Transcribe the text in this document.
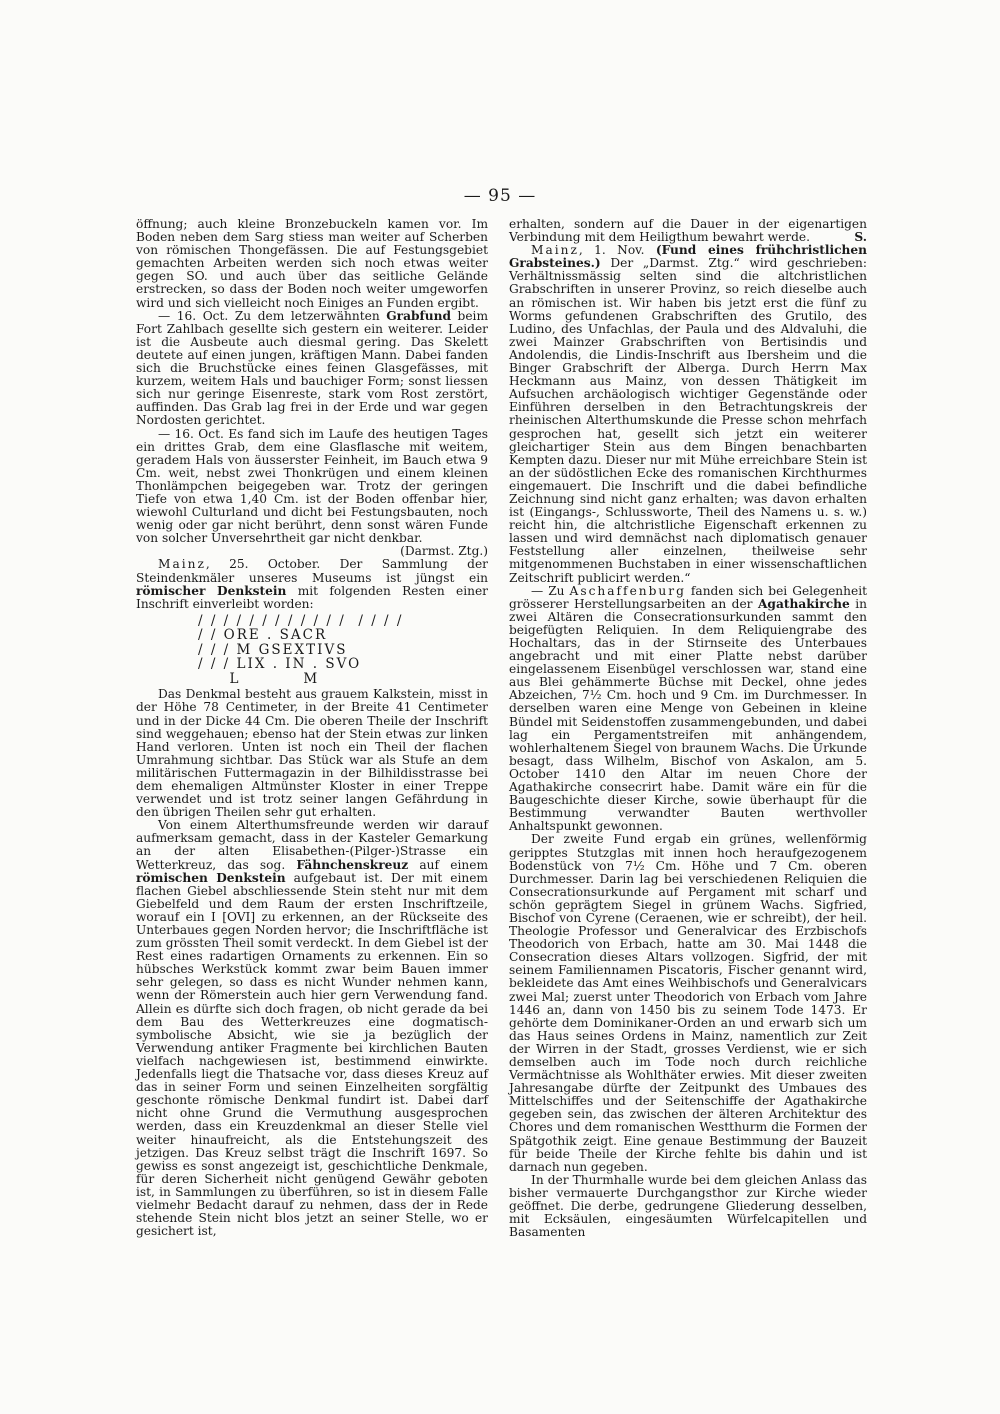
— 95 —

öffnung; auch kleine Bronzebuckeln kamen vor. Im Boden neben dem Sarg stiess man weiter auf Scherben von römischen Thongefässen. Die auf Festungsgebiet gemachten Arbeiten werden sich noch etwas weiter gegen SO. und auch über das seitliche Gelände erstrecken, so dass der Boden noch weiter umgeworfen wird und sich vielleicht noch Einiges an Funden ergibt.

— 16. Oct. Zu dem letzerwähnten Grabfund beim Fort Zahlbach gesellte sich gestern ein weiterer. Leider ist die Ausbeute auch diesmal gering. Das Skelett deutete auf einen jungen, kräftigen Mann. Dabei fanden sich die Bruchstücke eines feinen Glasgefässes, mit kurzem, weitem Hals und bauchiger Form; sonst liessen sich nur geringe Eisenreste, stark vom Rost zerstört, auffinden. Das Grab lag frei in der Erde und war gegen Nordosten gerichtet.

— 16. Oct. Es fand sich im Laufe des heutigen Tages ein drittes Grab, dem eine Glasflasche mit weitem, geradem Hals von äusserster Feinheit, im Bauch etwa 9 Cm. weit, nebst zwei Thonkrügen und einem kleinen Thonlämpchen beigegeben war. Trotz der geringen Tiefe von etwa 1,40 Cm. ist der Boden offenbar hier, wiewohl Culturland und dicht bei Festungsbauten, noch wenig oder gar nicht berührt, denn sonst wären Funde von solcher Unversehrtheit gar nicht denkbar.

(Darmst. Ztg.)

Mainz, 25. October. Der Sammlung der Steindenkmäler unseres Museums ist jüngst ein römischer Denkstein mit folgenden Resten einer Inschrift einverleibt worden:

/ / / / / / / / / / / /  / / / /
/ / ORE . SACR
/ / / M GSEXTIVS
/ / / LIX . IN . SVO
L          M

Das Denkmal besteht aus grauem Kalkstein, misst in der Höhe 78 Centimeter, in der Breite 41 Centimeter und in der Dicke 44 Cm. Die oberen Theile der Inschrift sind weggehauen; ebenso hat der Stein etwas zur linken Hand verloren. Unten ist noch ein Theil der flachen Umrahmung sichtbar. Das Stück war als Stufe an dem militärischen Futtermagazin in der Bilhildisstrasse bei dem ehemaligen Altmünster Kloster in einer Treppe verwendet und ist trotz seiner langen Gefährdung in den übrigen Theilen sehr gut erhalten.

Von einem Alterthumsfreunde werden wir darauf aufmerksam gemacht, dass in der Kasteler Gemarkung an der alten Elisabethen-(Pilger-)Strasse ein Wetterkreuz, das sog. Fähnchenskreuz auf einem römischen Denkstein aufgebaut ist. Der mit einem flachen Giebel abschliessende Stein steht nur mit dem Giebelfeld und dem Raum der ersten Inschriftzeile, worauf ein I [OVI] zu erkennen, an der Rückseite des Unterbaues gegen Norden hervor; die Inschriftfläche ist zum grössten Theil somit verdeckt. In dem Giebel ist der Rest eines radartigen Ornaments zu erkennen. Ein so hübsches Werkstück kommt zwar beim Bauen immer sehr gelegen, so dass es nicht Wunder nehmen kann, wenn der Römerstein auch hier gern Verwendung fand. Allein es dürfte sich doch fragen, ob nicht gerade da bei dem Bau des Wetterkreuzes eine dogmatisch-symbolische Absicht, wie sie ja bezüglich der Verwendung antiker Fragmente bei kirchlichen Bauten vielfach nachgewiesen ist, bestimmend einwirkte. Jedenfalls liegt die Thatsache vor, dass dieses Kreuz auf das in seiner Form und seinen Einzelheiten sorgfältig geschonte römische Denkmal fundirt ist. Dabei darf nicht ohne Grund die Vermuthung ausgesprochen werden, dass ein Kreuzdenkmal an dieser Stelle viel weiter hinaufreicht, als die Entstehungszeit des jetzigen. Das Kreuz selbst trägt die Inschrift 1697. So gewiss es sonst angezeigt ist, geschichtliche Denkmale, für deren Sicherheit nicht genügend Gewähr geboten ist, in Sammlungen zu überführen, so ist in diesem Falle vielmehr Bedacht darauf zu nehmen, dass der in Rede stehende Stein nicht blos jetzt an seiner Stelle, wo er gesichert ist,

erhalten, sondern auf die Dauer in der eigenartigen Verbindung mit dem Heiligthum bewahrt werde.	S.

Mainz, 1. Nov. (Fund eines frühchristlichen Grabsteines.) Der „Darmst. Ztg.“ wird geschrieben: Verhältnissmässig selten sind die altchristlichen Grabschriften in unserer Provinz, so reich dieselbe auch an römischen ist. Wir haben bis jetzt erst die fünf zu Worms gefundenen Grabschriften des Grutilo, des Ludino, des Unfachlas, der Paula und des Aldvaluhi, die zwei Mainzer Grabschriften von Bertisindis und Andolendis, die Lindis-Inschrift aus Ibersheim und die Binger Grabschrift der Alberga. Durch Herrn Max Heckmann aus Mainz, von dessen Thätigkeit im Aufsuchen archäologisch wichtiger Gegenstände oder Einführen derselben in den Betrachtungskreis der rheinischen Alterthumskunde die Presse schon mehrfach gesprochen hat, gesellt sich jetzt ein weiterer gleichartiger Stein aus dem Bingen benachbarten Kempten dazu. Dieser nur mit Mühe erreichbare Stein ist an der südöstlichen Ecke des romanischen Kirchthurmes eingemauert. Die Inschrift und die dabei befindliche Zeichnung sind nicht ganz erhalten; was davon erhalten ist (Eingangs-, Schlussworte, Theil des Namens u. s. w.) reicht hin, die altchristliche Eigenschaft erkennen zu lassen und wird demnächst nach diplomatisch genauer Feststellung aller einzelnen, theilweise sehr mitgenommenen Buchstaben in einer wissenschaftlichen Zeitschrift publicirt werden.“

— Zu Aschaffenburg fanden sich bei Gelegenheit grösserer Herstellungsarbeiten an der Agathakirche in zwei Altären die Consecrationsurkunden sammt den beigefügten Reliquien. In dem Reliquiengrabe des Hochaltars, das in der Stirnseite des Unterbaues angebracht und mit einer Platte nebst darüber eingelassenem Eisenbügel verschlossen war, stand eine aus Blei gehämmerte Büchse mit Deckel, ohne jedes Abzeichen, 7½ Cm. hoch und 9 Cm. im Durchmesser. In derselben waren eine Menge von Gebeinen in kleine Bündel mit Seidenstoffen zusammengebunden, und dabei lag ein Pergamentstreifen mit anhängendem, wohlerhaltenem Siegel von braunem Wachs. Die Urkunde besagt, dass Wilhelm, Bischof von Askalon, am 5. October 1410 den Altar im neuen Chore der Agathakirche consecrirt habe. Damit wäre ein für die Baugeschichte dieser Kirche, sowie überhaupt für die Bestimmung verwandter Bauten werthvoller Anhaltspunkt gewonnen.

Der zweite Fund ergab ein grünes, wellenförmig geripptes Stutzglas mit innen hoch heraufgezogenem Bodenstück von 7½ Cm. Höhe und 7 Cm. oberen Durchmesser. Darin lag bei verschiedenen Reliquien die Consecrationsurkunde auf Pergament mit scharf und schön geprägtem Siegel in grünem Wachs. Sigfried, Bischof von Cyrene (Ceraenen, wie er schreibt), der heil. Theologie Professor und Generalvicar des Erzbischofs Theodorich von Erbach, hatte am 30. Mai 1448 die Consecration dieses Altars vollzogen. Sigfrid, der mit seinem Familiennamen Piscatoris, Fischer genannt wird, bekleidete das Amt eines Weihbischofs und Generalvicars zwei Mal; zuerst unter Theodorich von Erbach vom Jahre 1446 an, dann von 1450 bis zu seinem Tode 1473. Er gehörte dem Dominikaner-Orden an und erwarb sich um das Haus seines Ordens in Mainz, namentlich zur Zeit der Wirren in der Stadt, grosses Verdienst, wie er sich demselben auch im Tode noch durch reichliche Vermächtnisse als Wohlthäter erwies. Mit dieser zweiten Jahresangabe dürfte der Zeitpunkt des Umbaues des Mittelschiffes und der Seitenschiffe der Agathakirche gegeben sein, das zwischen der älteren Architektur des Chores und dem romanischen Westthurm die Formen der Spätgothik zeigt. Eine genaue Bestimmung der Bauzeit für beide Theile der Kirche fehlte bis dahin und ist darnach nun gegeben.

In der Thurmhalle wurde bei dem gleichen Anlass das bisher vermauerte Durchgangsthor zur Kirche wieder geöffnet. Die derbe, gedrungene Gliederung desselben, mit Ecksäulen, eingesäumten Würfelcapitellen und Basamenten
